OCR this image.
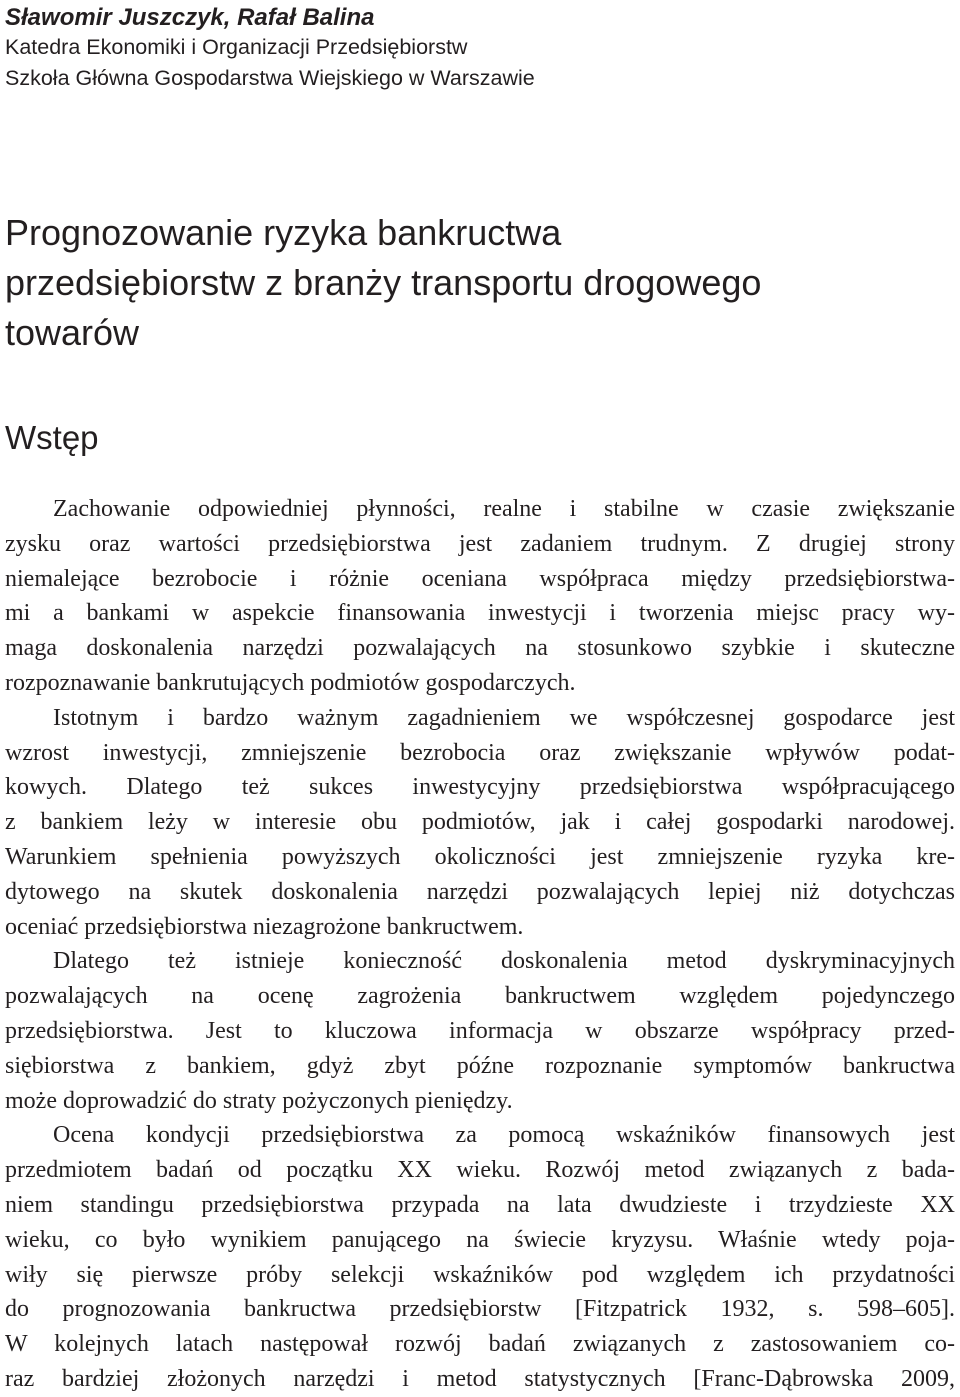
Sławomir Juszczyk, Rafał Balina
Katedra Ekonomiki i Organizacji Przedsiębiorstw
Szkoła Główna Gospodarstwa Wiejskiego w Warszawie
Prognozowanie ryzyka bankructwa
przedsiębiorstw z branży transportu drogowego
towarów
Wstęp

Zachowanie odpowiedniej płynności, realne i stabilne w czasie zwiększanie
zysku oraz wartości przedsiębiorstwa jest zadaniem trudnym. Z drugiej strony
niemalejące bezrobocie i różnie oceniana współpraca między przedsiębiorstwa-
mi a bankami w aspekcie finansowania inwestycji i tworzenia miejsc pracy wy-
maga doskonalenia narzędzi pozwalających na stosunkowo szybkie i skuteczne
rozpoznawanie bankrutujących podmiotów gospodarczych.

Istotnym i bardzo ważnym zagadnieniem we współczesnej gospodarce jest
wzrost inwestycji, zmniejszenie bezrobocia oraz zwiększanie wpływów podat-
kowych. Dlatego też sukces inwestycyjny przedsiębiorstwa współpracującego
z bankiem leży w interesie obu podmiotów, jak i całej gospodarki narodowej.
Warunkiem spełnienia powyższych okoliczności jest zmniejszenie ryzyka kre-
dytowego na skutek doskonalenia narzędzi pozwalających lepiej niż dotychczas
oceniać przedsiębiorstwa niezagrożone bankructwem.

Dlatego też istnieje konieczność doskonalenia metod dyskryminacyjnych
pozwalających na ocenę zagrożenia bankructwem względem pojedynczego
przedsiębiorstwa. Jest to kluczowa informacja w obszarze współpracy przed-
siębiorstwa z bankiem, gdyż zbyt późne rozpoznanie symptomów bankructwa
może doprowadzić do straty pożyczonych pieniędzy.

Ocena kondycji przedsiębiorstwa za pomocą wskaźników finansowych jest
przedmiotem badań od początku XX wieku. Rozwój metod związanych z bada-
niem standingu przedsiębiorstwa przypada na lata dwudzieste i trzydzieste XX
wieku, co było wynikiem panującego na świecie kryzysu. Właśnie wtedy poja-
wiły się pierwsze próby selekcji wskaźników pod względem ich przydatności
do prognozowania bankructwa przedsiębiorstw [Fitzpatrick 1932, s. 598–605].
W kolejnych latach następował rozwój badań związanych z zastosowaniem co-
raz bardziej złożonych narzędzi i metod statystycznych [Franc-Dąbrowska 2009,
